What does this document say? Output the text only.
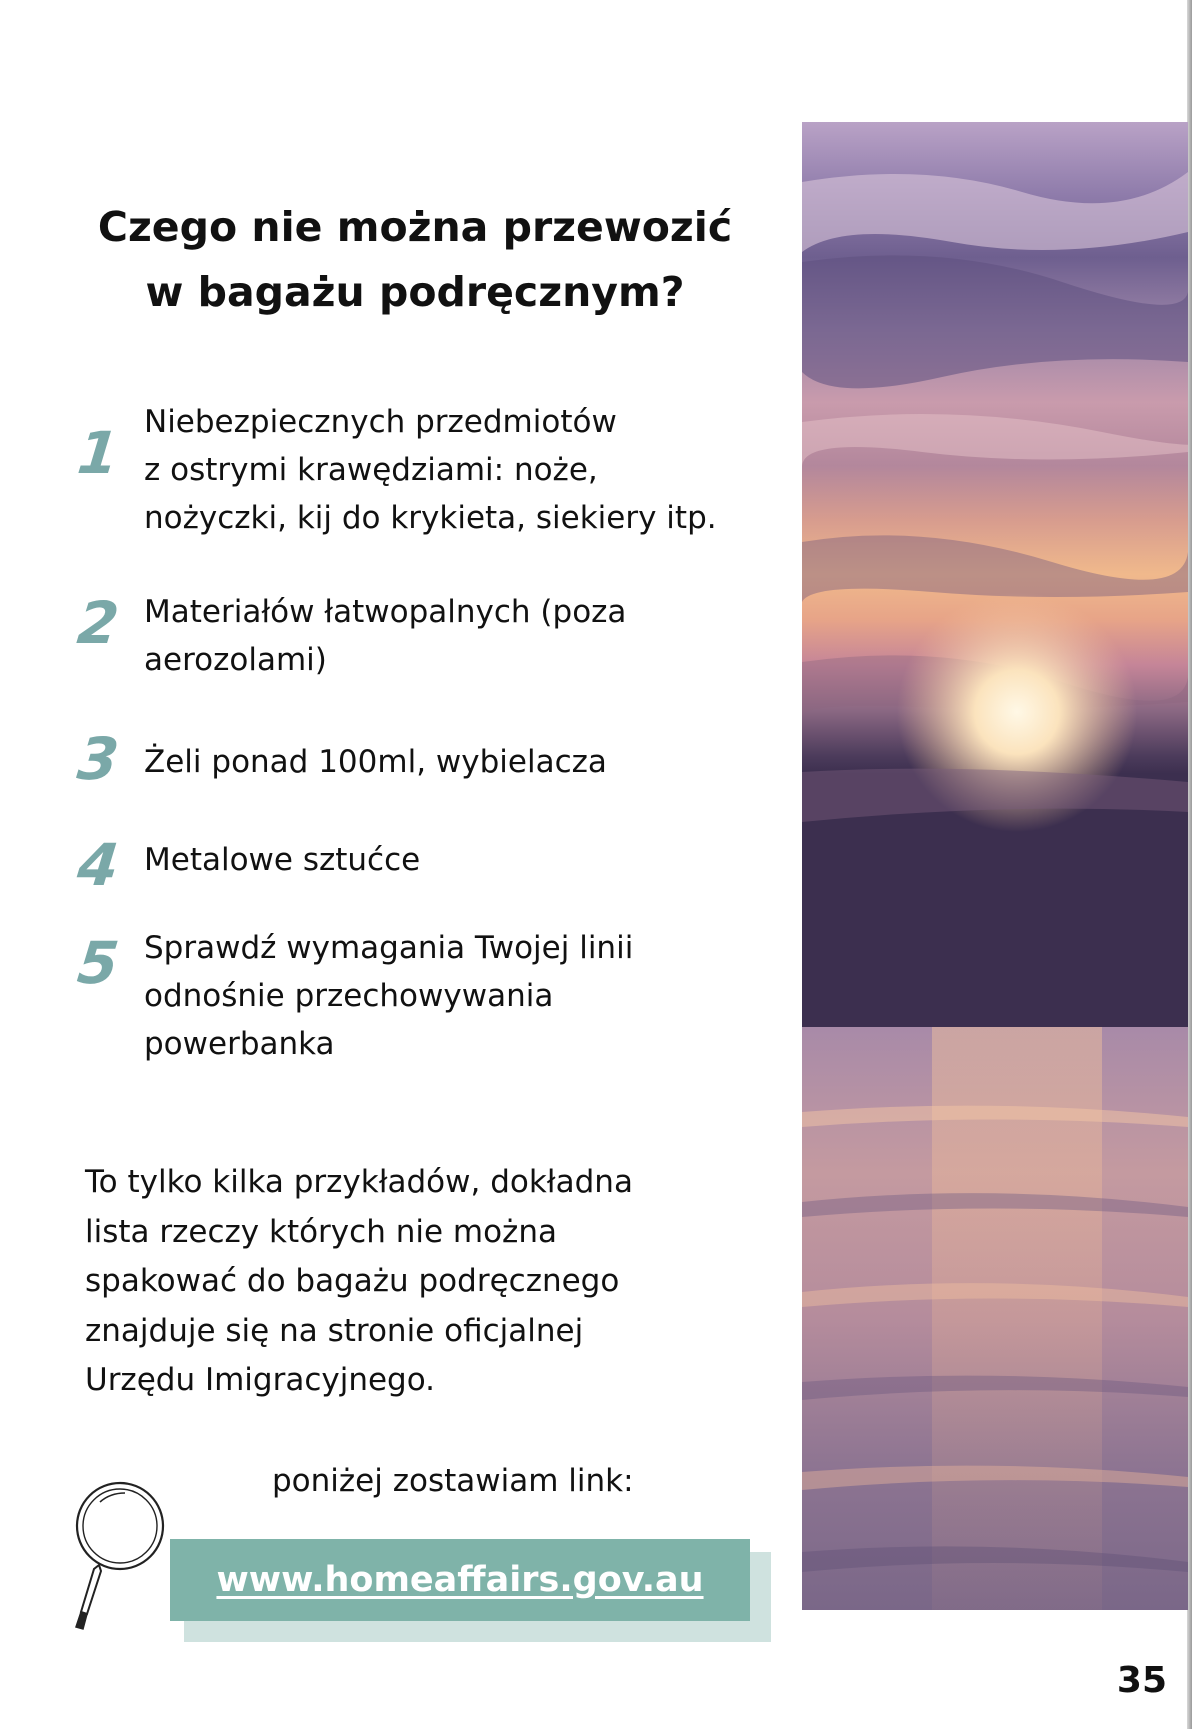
Czego nie można przewozić
w bagażu podręcznym?
1 Niebezpiecznych przedmiotów
z ostrymi krawędziami: noże,
nożyczki, kij do krykieta, siekiery itp.
2 Materiałów łatwopalnych (poza
aerozolami)
3 Żeli ponad 100ml, wybielacza
4 Metalowe sztućce
5 Sprawdź wymagania Twojej linii
odnośnie przechowywania
powerbanka
To tylko kilka przykładów, dokładna
lista rzeczy których nie można
spakować do bagażu podręcznego
znajduje się na stronie oficjalnej
Urzędu Imigracyjnego.
poniżej zostawiam link:
www.homeaffairs.gov.au
35
